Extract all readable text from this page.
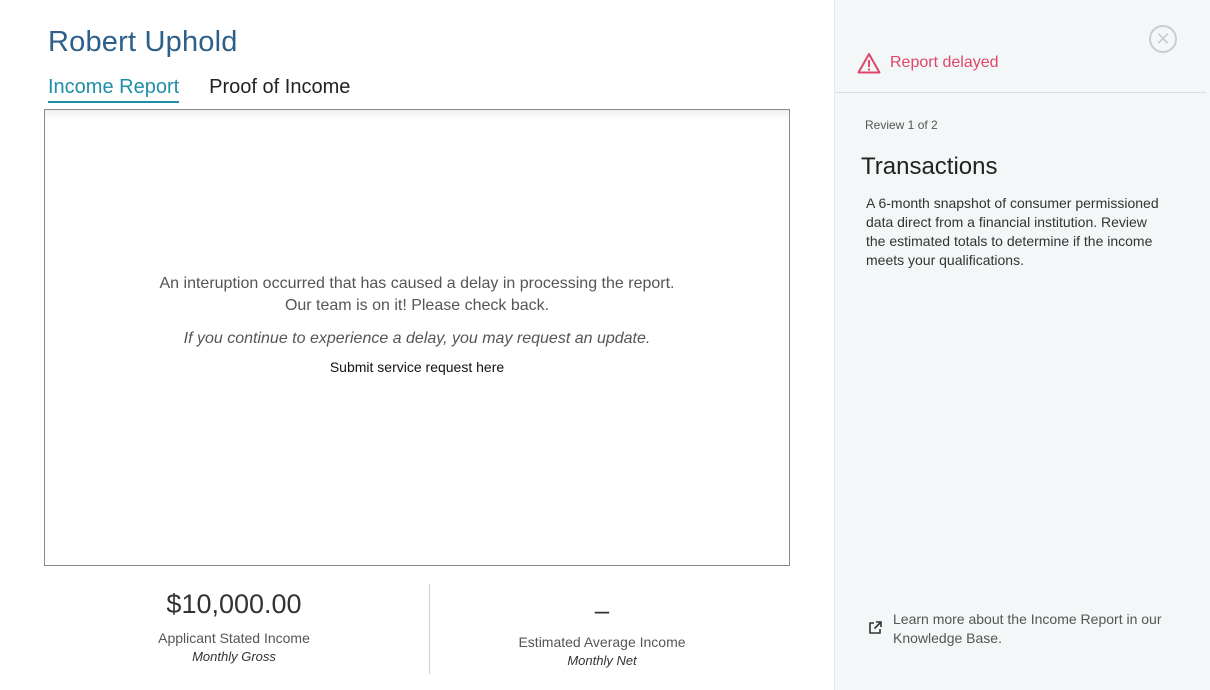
Robert Uphold
Income Report Proof of Income
An interuption occurred that has caused a delay in processing the report.
Our team is on it! Please check back.
If you continue to experience a delay, you may request an update.
Submit service request here
$10,000.00
Applicant Stated Income
Monthly Gross
–
Estimated Average Income
Monthly Net
✕
Report delayed
Review 1 of 2
Transactions
A 6-month snapshot of consumer permissioned data direct from a financial institution. Review the estimated totals to determine if the income meets your qualifications.
Learn more about the Income Report in our Knowledge Base.
